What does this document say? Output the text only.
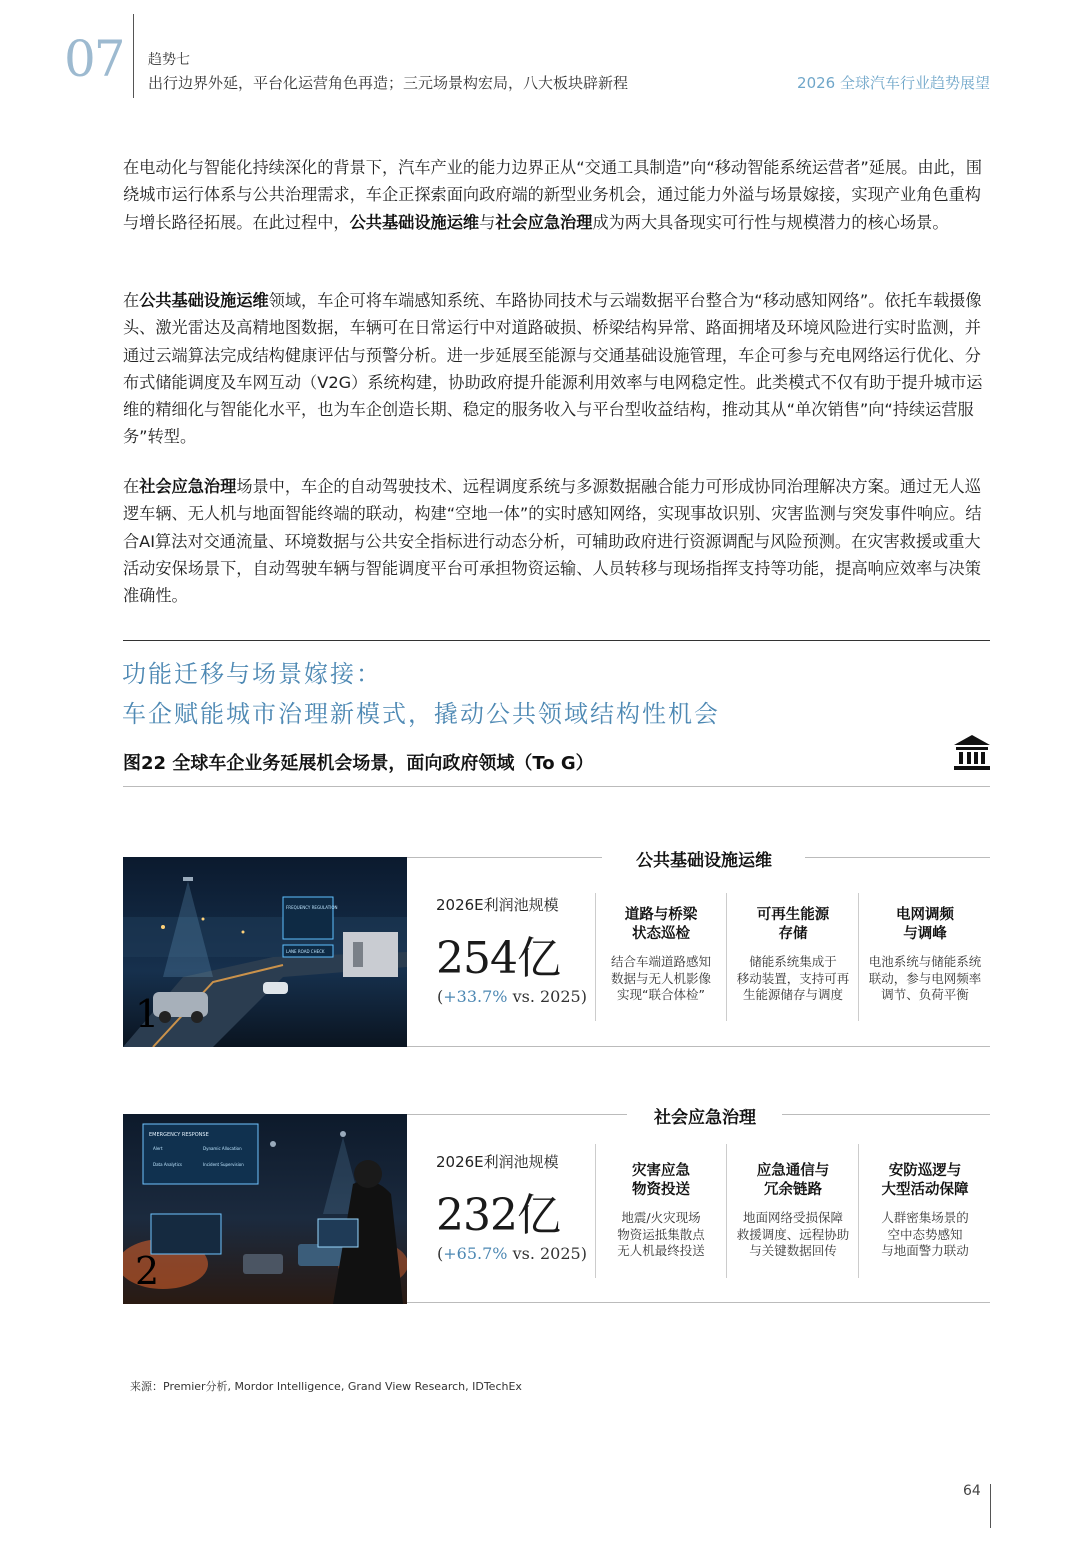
07 趋势七
出行边界外延，平台化运营角色再造；三元场景构宏局，八大板块辟新程	2026 全球汽车行业趋势展望

在电动化与智能化持续深化的背景下，汽车产业的能力边界正从“交通工具制造”向“移动智能系统运营者”延展。由此，围绕城市运行体系与公共治理需求，车企正探索面向政府端的新型业务机会，通过能力外溢与场景嫁接，实现产业角色重构与增长路径拓展。在此过程中，公共基础设施运维与社会应急治理成为两大具备现实可行性与规模潜力的核心场景。

在公共基础设施运维领域，车企可将车端感知系统、车路协同技术与云端数据平台整合为“移动感知网络”。依托车载摄像头、激光雷达及高精地图数据，车辆可在日常运行中对道路破损、桥梁结构异常、路面拥堵及环境风险进行实时监测，并通过云端算法完成结构健康评估与预警分析。进一步延展至能源与交通基础设施管理，车企可参与充电网络运行优化、分布式储能调度及车网互动（V2G）系统构建，协助政府提升能源利用效率与电网稳定性。此类模式不仅有助于提升城市运维的精细化与智能化水平，也为车企创造长期、稳定的服务收入与平台型收益结构，推动其从“单次销售”向“持续运营服务”转型。

在社会应急治理场景中，车企的自动驾驶技术、远程调度系统与多源数据融合能力可形成协同治理解决方案。通过无人巡逻车辆、无人机与地面智能终端的联动，构建“空地一体”的实时感知网络，实现事故识别、灾害监测与突发事件响应。结合AI算法对交通流量、环境数据与公共安全指标进行动态分析，可辅助政府进行资源调配与风险预测。在灾害救援或重大活动安保场景下，自动驾驶车辆与智能调度平台可承担物资运输、人员转移与现场指挥支持等功能，提高响应效率与决策准确性。

功能迁移与场景嫁接：
车企赋能城市治理新模式，撬动公共领域结构性机会
图22 全球车企业务延展机会场景，面向政府领域（To G）
FREQUENCY REGULATION
LANE ROAD CHECK
1
2026E利润池规模
254亿
(+33.7% vs. 2025)
公共基础设施运维
道路与桥梁
状态巡检
结合车端道路感知
数据与无人机影像
实现“联合体检”
可再生能源
存储
储能系统集成于
移动装置，支持可再
生能源储存与调度
电网调频
与调峰
电池系统与储能系统
联动，参与电网频率
调节、负荷平衡
EMERGENCY RESPONSE
Alert	Dynamic Allocation
Data Analytics	Incident Supervision
2
2026E利润池规模
232亿
(+65.7% vs. 2025)
社会应急治理
灾害应急
物资投送
地震/火灾现场
物资运抵集散点
无人机最终投送
应急通信与
冗余链路
地面网络受损保障
救援调度、远程协助
与关键数据回传
安防巡逻与
大型活动保障
人群密集场景的
空中态势感知
与地面警力联动
来源：Premier分析, Mordor Intelligence, Grand View Research, IDTechEx
64
